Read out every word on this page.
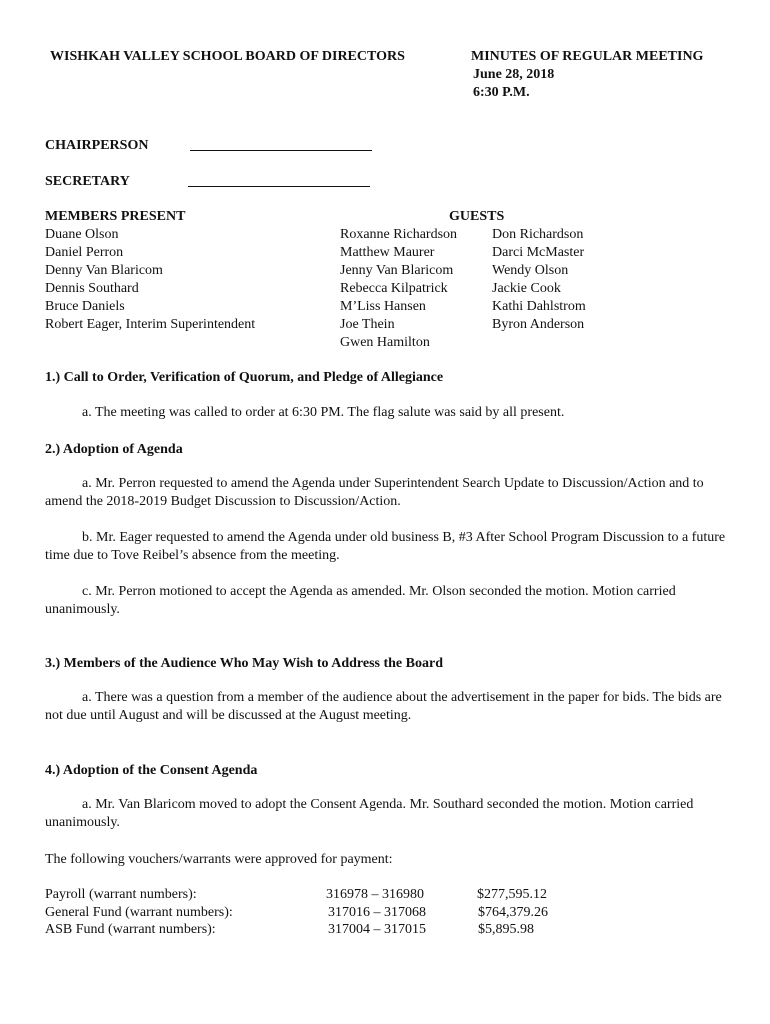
WISHKAH VALLEY SCHOOL BOARD OF DIRECTORS	MINUTES OF REGULAR MEETING
June 28, 2018
6:30 P.M.
CHAIRPERSON
SECRETARY
MEMBERS PRESENT
Duane Olson
Daniel Perron
Denny Van Blaricom
Dennis Southard
Bruce Daniels
Robert Eager, Interim Superintendent
GUESTS
Roxanne Richardson
Matthew Maurer
Jenny Van Blaricom
Rebecca Kilpatrick
M’Liss Hansen
Joe Thein
Gwen Hamilton
Don Richardson
Darci McMaster
Wendy Olson
Jackie Cook
Kathi Dahlstrom
Byron Anderson
1.) Call to Order, Verification of Quorum, and Pledge of Allegiance
a. The meeting was called to order at 6:30 PM. The flag salute was said by all present.
2.) Adoption of Agenda
a. Mr. Perron requested to amend the Agenda under Superintendent Search Update to Discussion/Action and to amend the 2018-2019 Budget Discussion to Discussion/Action.
b. Mr. Eager requested to amend the Agenda under old business B, #3 After School Program Discussion to a future time due to Tove Reibel’s absence from the meeting.
c. Mr. Perron motioned to accept the Agenda as amended. Mr. Olson seconded the motion. Motion carried unanimously.
3.) Members of the Audience Who May Wish to Address the Board
a. There was a question from a member of the audience about the advertisement in the paper for bids. The bids are not due until August and will be discussed at the August meeting.
4.) Adoption of the Consent Agenda
a. Mr. Van Blaricom moved to adopt the Consent Agenda. Mr. Southard seconded the motion. Motion carried unanimously.
The following vouchers/warrants were approved for payment:
Payroll (warrant numbers):	316978 – 316980	$277,595.12
General Fund (warrant numbers):	317016 – 317068	$764,379.26
ASB Fund (warrant numbers):	317004 – 317015	$5,895.98
